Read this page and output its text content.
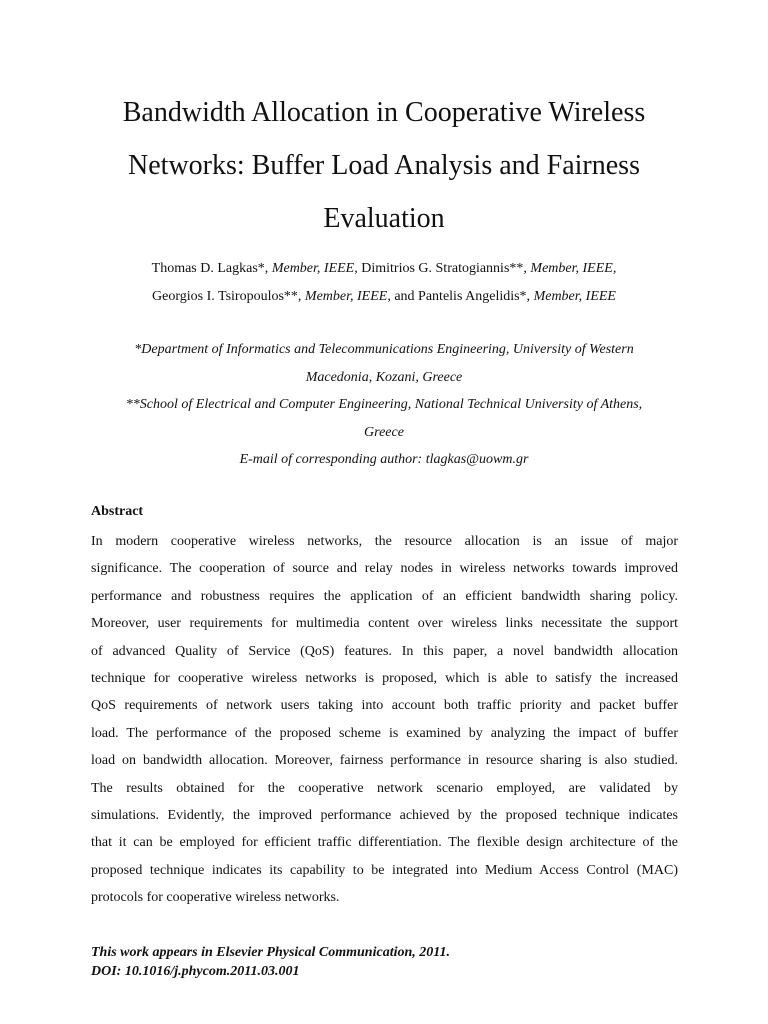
Bandwidth Allocation in Cooperative Wireless
Networks: Buffer Load Analysis and Fairness
Evaluation
Thomas D. Lagkas*, Member, IEEE, Dimitrios G. Stratogiannis**, Member, IEEE,
Georgios I. Tsiropoulos**, Member, IEEE, and Pantelis Angelidis*, Member, IEEE
*Department of Informatics and Telecommunications Engineering, University of Western
Macedonia, Kozani, Greece
**School of Electrical and Computer Engineering, National Technical University of Athens,
Greece
E-mail of corresponding author: tlagkas@uowm.gr
Abstract
In modern cooperative wireless networks, the resource allocation is an issue of major
significance. The cooperation of source and relay nodes in wireless networks towards improved
performance and robustness requires the application of an efficient bandwidth sharing policy.
Moreover, user requirements for multimedia content over wireless links necessitate the support
of advanced Quality of Service (QoS) features. In this paper, a novel bandwidth allocation
technique for cooperative wireless networks is proposed, which is able to satisfy the increased
QoS requirements of network users taking into account both traffic priority and packet buffer
load. The performance of the proposed scheme is examined by analyzing the impact of buffer
load on bandwidth allocation. Moreover, fairness performance in resource sharing is also studied.
The results obtained for the cooperative network scenario employed, are validated by
simulations. Evidently, the improved performance achieved by the proposed technique indicates
that it can be employed for efficient traffic differentiation. The flexible design architecture of the
proposed technique indicates its capability to be integrated into Medium Access Control (MAC)
protocols for cooperative wireless networks.
This work appears in Elsevier Physical Communication, 2011.
DOI: 10.1016/j.phycom.2011.03.001
